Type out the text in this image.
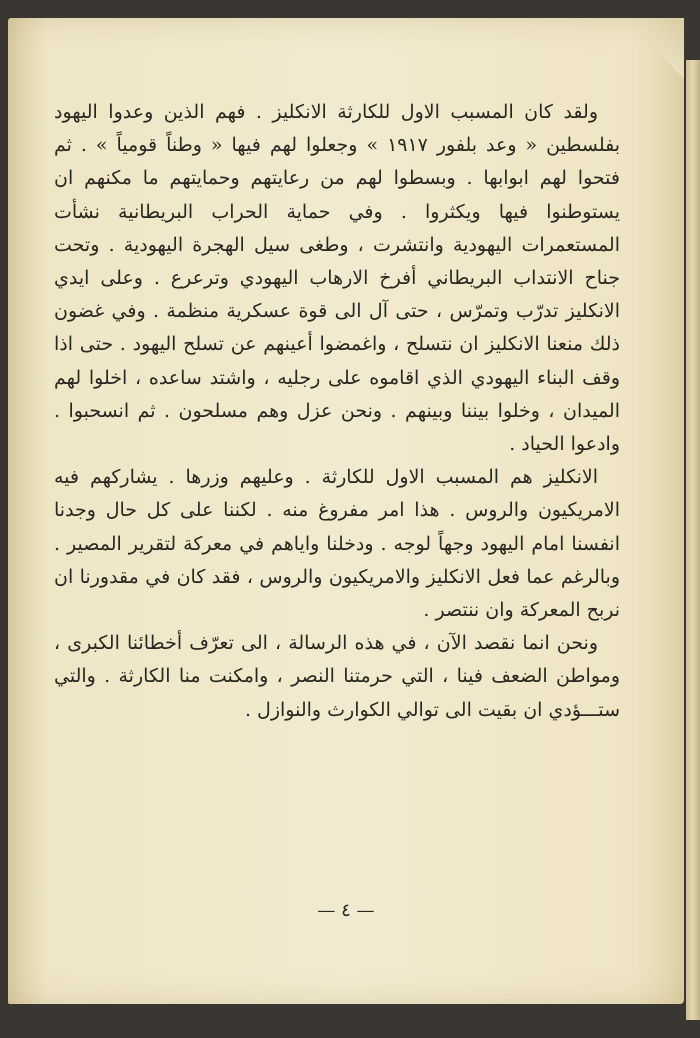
ولقد كان المسبب الاول للكارثة الانكليز . فهم الذين وعدوا اليهود بفلسطين « وعد بلفور ١٩١٧ » وجعلوا لهم فيها « وطناً قومياً » . ثم فتحوا لهم ابوابها . وبسطوا لهم من رعايتهم وحمايتهم ما مكنهم ان يستوطنوا فيها ويكثروا . وفي حماية الحراب البريطانية نشأت المستعمرات اليهودية وانتشرت ، وطغى سيل الهجرة اليهودية . وتحت جناح الانتداب البريطاني أفرخ الارهاب اليهودي وترعرع . وعلى ايدي الانكليز تدرّب وتمرّس ، حتى آل الى قوة عسكرية منظمة . وفي غضون ذلك منعنا الانكليز ان نتسلح ، واغمضوا أعينهم عن تسلح اليهود . حتى اذا وقف البناء اليهودي الذي اقاموه على رجليه ، واشتد ساعده ، اخلوا لهم الميدان ، وخلوا بيننا وبينهم . ونحن عزل وهم مسلحون . ثم انسحبوا . وادعوا الحياد .

الانكليز هم المسبب الاول للكارثة . وعليهم وزرها . يشاركهم فيه الامريكيون والروس . هذا امر مفروغ منه . لكننا على كل حال وجدنا انفسنا امام اليهود وجهاً لوجه . ودخلنا واياهم في معركة لتقرير المصير . وبالرغم عما فعل الانكليز والامريكيون والروس ، فقد كان في مقدورنا ان نربح المعركة وان ننتصر .

ونحن انما نقصد الآن ، في هذه الرسالة ، الى تعرّف أخطائنا الكبرى ، ومواطن الضعف فينا ، التي حرمتنا النصر ، وامكنت منا الكارثة . والتي ستـــؤدي ان بقيت الى توالي الكوارث والنوازل .

— ٤ —
